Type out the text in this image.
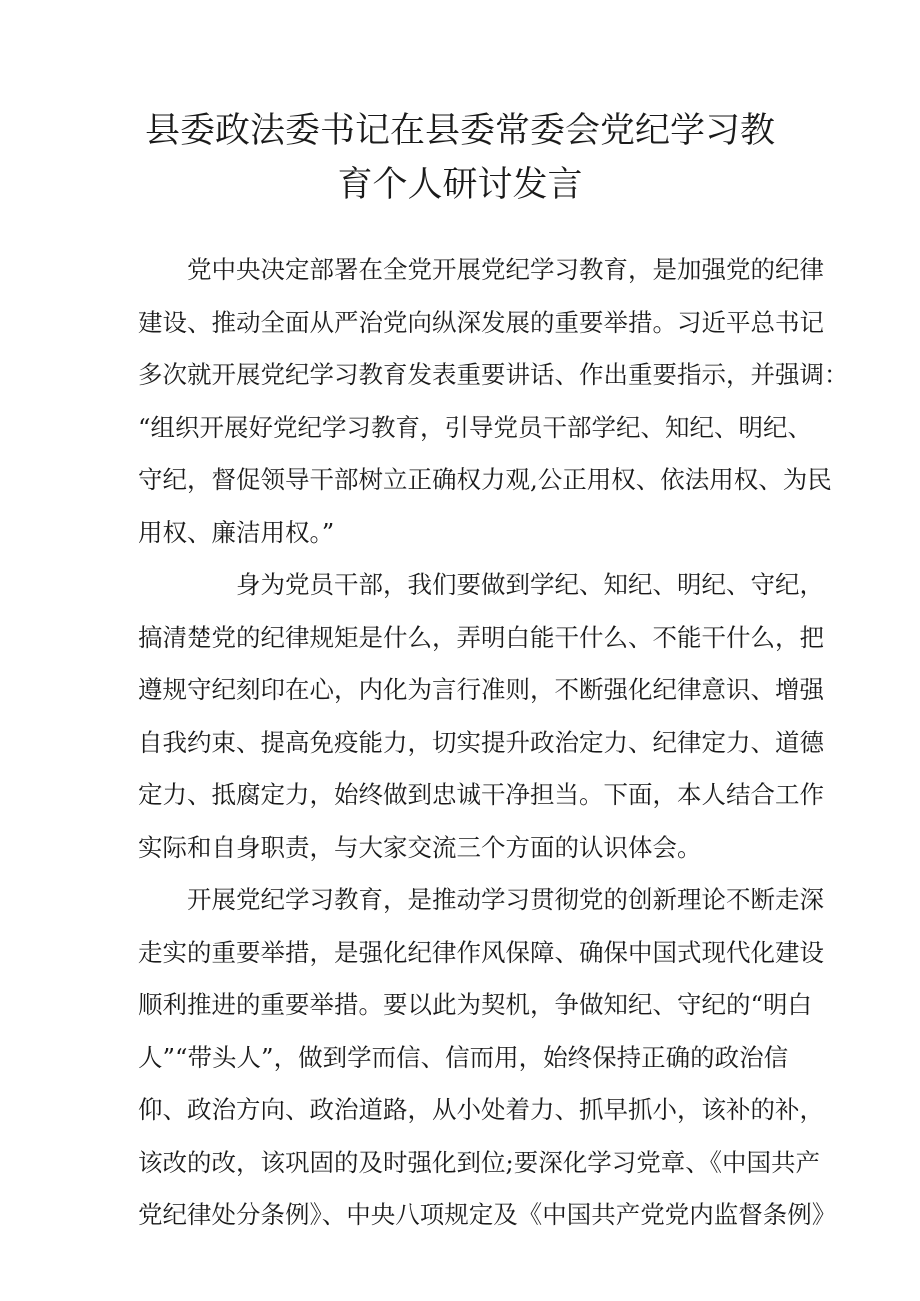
县委政法委书记在县委常委会党纪学习教
育个人研讨发言
　　党中央决定部署在全党开展党纪学习教育，是加强党的纪律
建设、推动全面从严治党向纵深发展的重要举措。习近平总书记
多次就开展党纪学习教育发表重要讲话、作出重要指示，并强调：
“组织开展好党纪学习教育，引导党员干部学纪、知纪、明纪、
守纪，督促领导干部树立正确权力观,公正用权、依法用权、为民
用权、廉洁用权。”
　　　　身为党员干部，我们要做到学纪、知纪、明纪、守纪，
搞清楚党的纪律规矩是什么，弄明白能干什么、不能干什么，把
遵规守纪刻印在心，内化为言行准则，不断强化纪律意识、增强
自我约束、提高免疫能力，切实提升政治定力、纪律定力、道德
定力、抵腐定力，始终做到忠诚干净担当。下面，本人结合工作
实际和自身职责，与大家交流三个方面的认识体会。
　　开展党纪学习教育，是推动学习贯彻党的创新理论不断走深
走实的重要举措，是强化纪律作风保障、确保中国式现代化建设
顺利推进的重要举措。要以此为契机，争做知纪、守纪的“明白
人”“带头人”，做到学而信、信而用，始终保持正确的政治信
仰、政治方向、政治道路，从小处着力、抓早抓小，该补的补，
该改的改，该巩固的及时强化到位;要深化学习党章、《中国共产
党纪律处分条例》、中央八项规定及《中国共产党党内监督条例》
